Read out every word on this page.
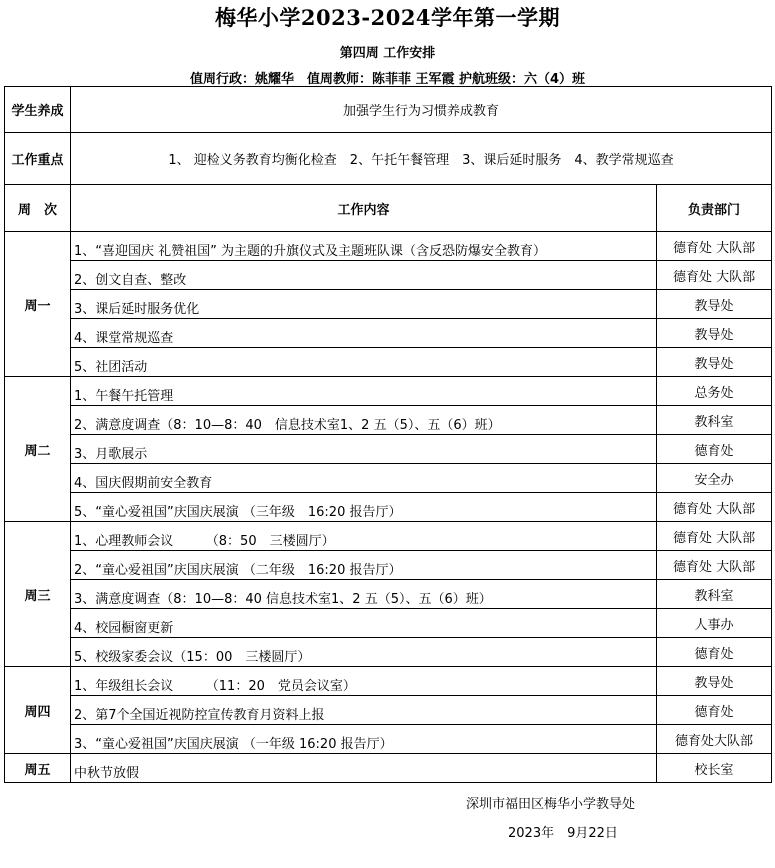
梅华小学2023-2024学年第一学期
第四周 工作安排
值周行政：姚耀华　值周教师：陈菲菲 王军霞 护航班级：六（4）班
学生养成	加强学生行为习惯养成教育	
工作重点	1、 迎检义务教育均衡化检查　2、午托午餐管理　3、课后延时服务　4、教学常规巡查	
周　次	工作内容	负责部门
周一	1、“喜迎国庆 礼赞祖国” 为主题的升旗仪式及主题班队课（含反恐防爆安全教育）	德育处 大队部
	2、创文自查、整改	德育处 大队部
	3、课后延时服务优化	教导处
	4、课堂常规巡查	教导处
	5、社团活动	教导处
周二	1、午餐午托管理	总务处
	2、满意度调查（8：10—8：40　信息技术室1、2 五（5）、五（6）班）	教科室
	3、月歌展示	德育处
	4、国庆假期前安全教育	安全办
	5、“童心爱祖国”庆国庆展演 （三年级　16:20 报告厅）	德育处 大队部
周三	1、心理教师会议　　　（8：50　三楼圆厅）	德育处 大队部
	2、“童心爱祖国”庆国庆展演 （二年级　16:20 报告厅）	德育处 大队部
	3、满意度调查（8：10—8：40 信息技术室1、2 五（5）、五（6）班）	教科室
	4、校园橱窗更新	人事办
	5、校级家委会议（15：00　三楼圆厅）	德育处
周四	1、年级组长会议　　　（11：20　党员会议室）	教导处
	2、第7个全国近视防控宣传教育月资料上报	德育处
	3、“童心爱祖国”庆国庆展演 （一年级 16:20 报告厅）	德育处大队部
周五	中秋节放假	校长室
深圳市福田区梅华小学教导处
2023年　9月22日
